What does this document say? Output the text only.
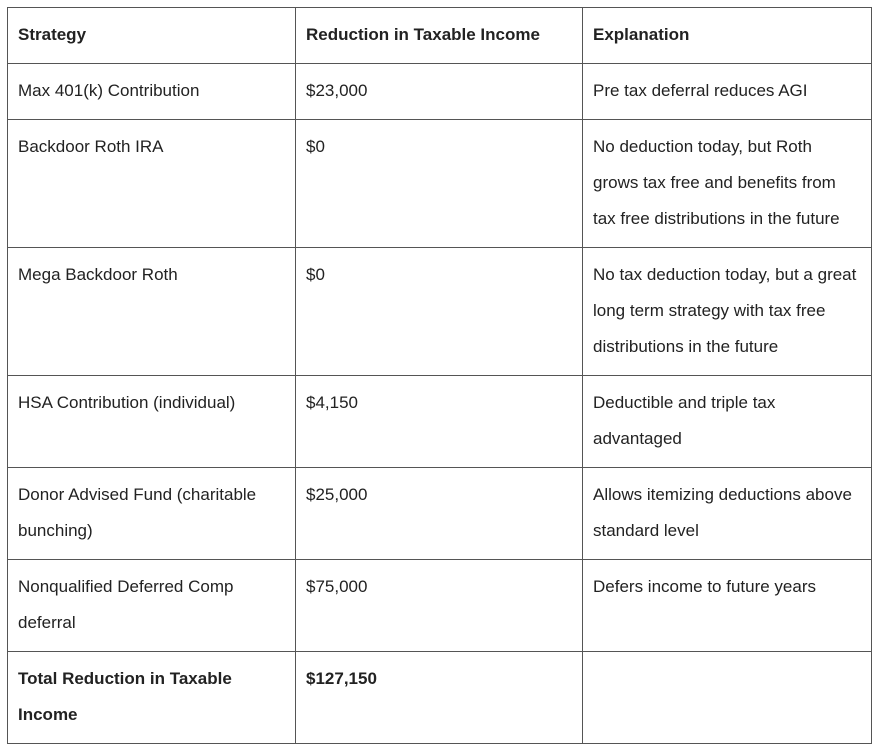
Strategy	Reduction in Taxable Income	Explanation
Max 401(k) Contribution	$23,000	Pre tax deferral reduces AGI
Backdoor Roth IRA	$0	No deduction today, but Roth grows tax free and benefits from tax free distributions in the future
Mega Backdoor Roth	$0	No tax deduction today, but a great long term strategy with tax free distributions in the future
HSA Contribution (individual)	$4,150	Deductible and triple tax advantaged
Donor Advised Fund (charitable bunching)	$25,000	Allows itemizing deductions above standard level
Nonqualified Deferred Comp deferral	$75,000	Defers income to future years
Total Reduction in Taxable Income	$127,150	
